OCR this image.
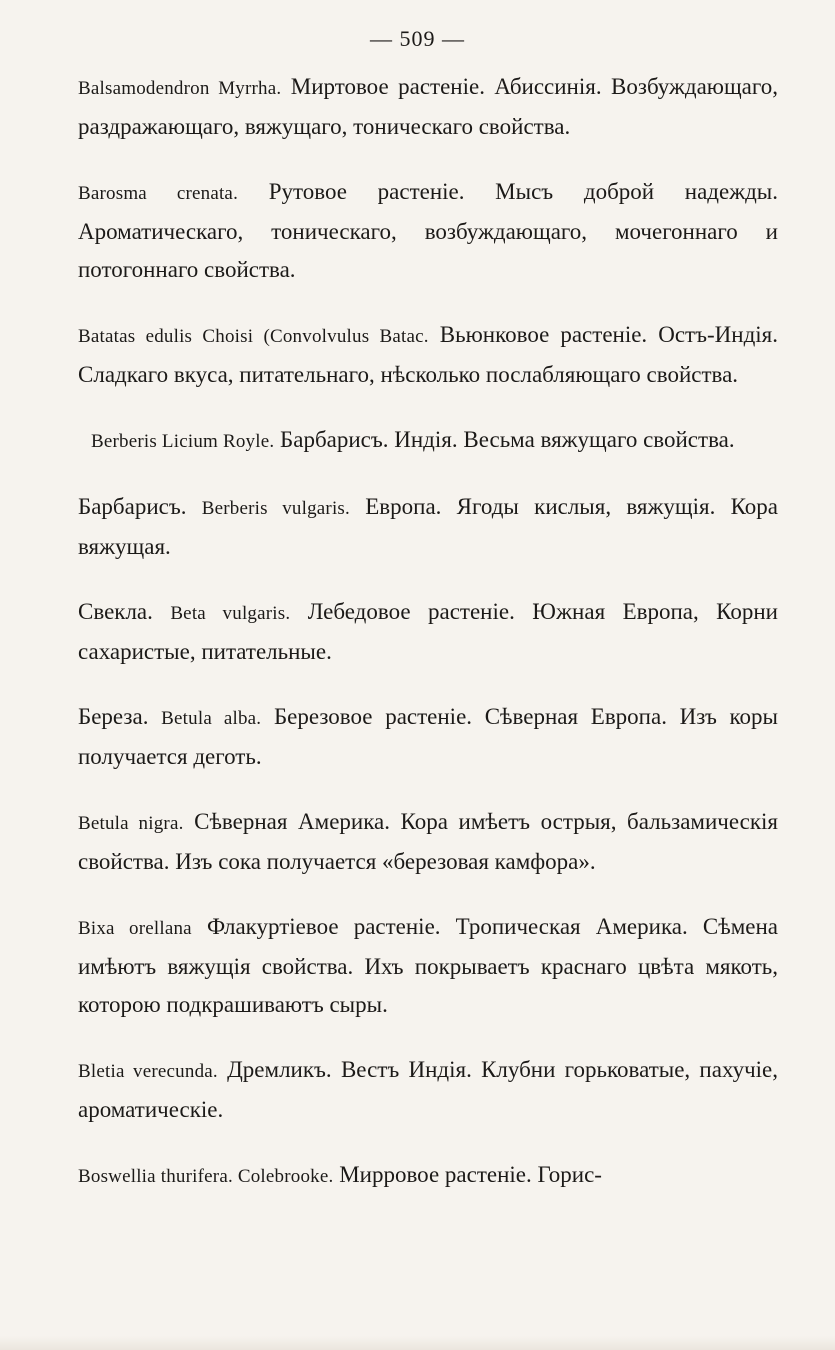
— 509 —

Balsamodendron Myrrha. Миртовое растеніе. Абиссинія. Возбуждающаго, раздражающаго, вяжущаго, тоническаго свойства.

Barosma crenata. Рутовое растеніе. Мысъ доброй надежды. Ароматическаго, тоническаго, возбуждающаго, мочегоннаго и потогоннаго свойства.

Batatas edulis Choisi (Convolvulus Batac. Вьюнковое растеніе. Остъ-Индія. Сладкаго вкуса, питательнаго, нѣсколько послабляющаго свойства.

Berberis Licium Royle. Барбарисъ. Индія. Весьма вяжущаго свойства.

Барбарисъ. Berberis vulgaris. Европа. Ягоды кислыя, вяжущія. Кора вяжущая.

Свекла. Beta vulgaris. Лебедовое растеніе. Южная Европа, Корни сахаристые, питательные.

Береза. Betula alba. Березовое растеніе. Сѣверная Европа. Изъ коры получается деготь.

Betula nigra. Сѣверная Америка. Кора имѣетъ острыя, бальзамическія свойства. Изъ сока получается «березовая камфора».

Bixa orellana Флакуртіевое растеніе. Тропическая Америка. Сѣмена имѣютъ вяжущія свойства. Ихъ покрываетъ краснаго цвѣта мякоть, которою подкрашиваютъ сыры.

Bletia verecunda. Дремликъ. Вестъ Индія. Клубни горьковатые, пахучіе, ароматическіе.

Boswellia thurifera. Colebrooke. Мирровое растеніе. Горис-
